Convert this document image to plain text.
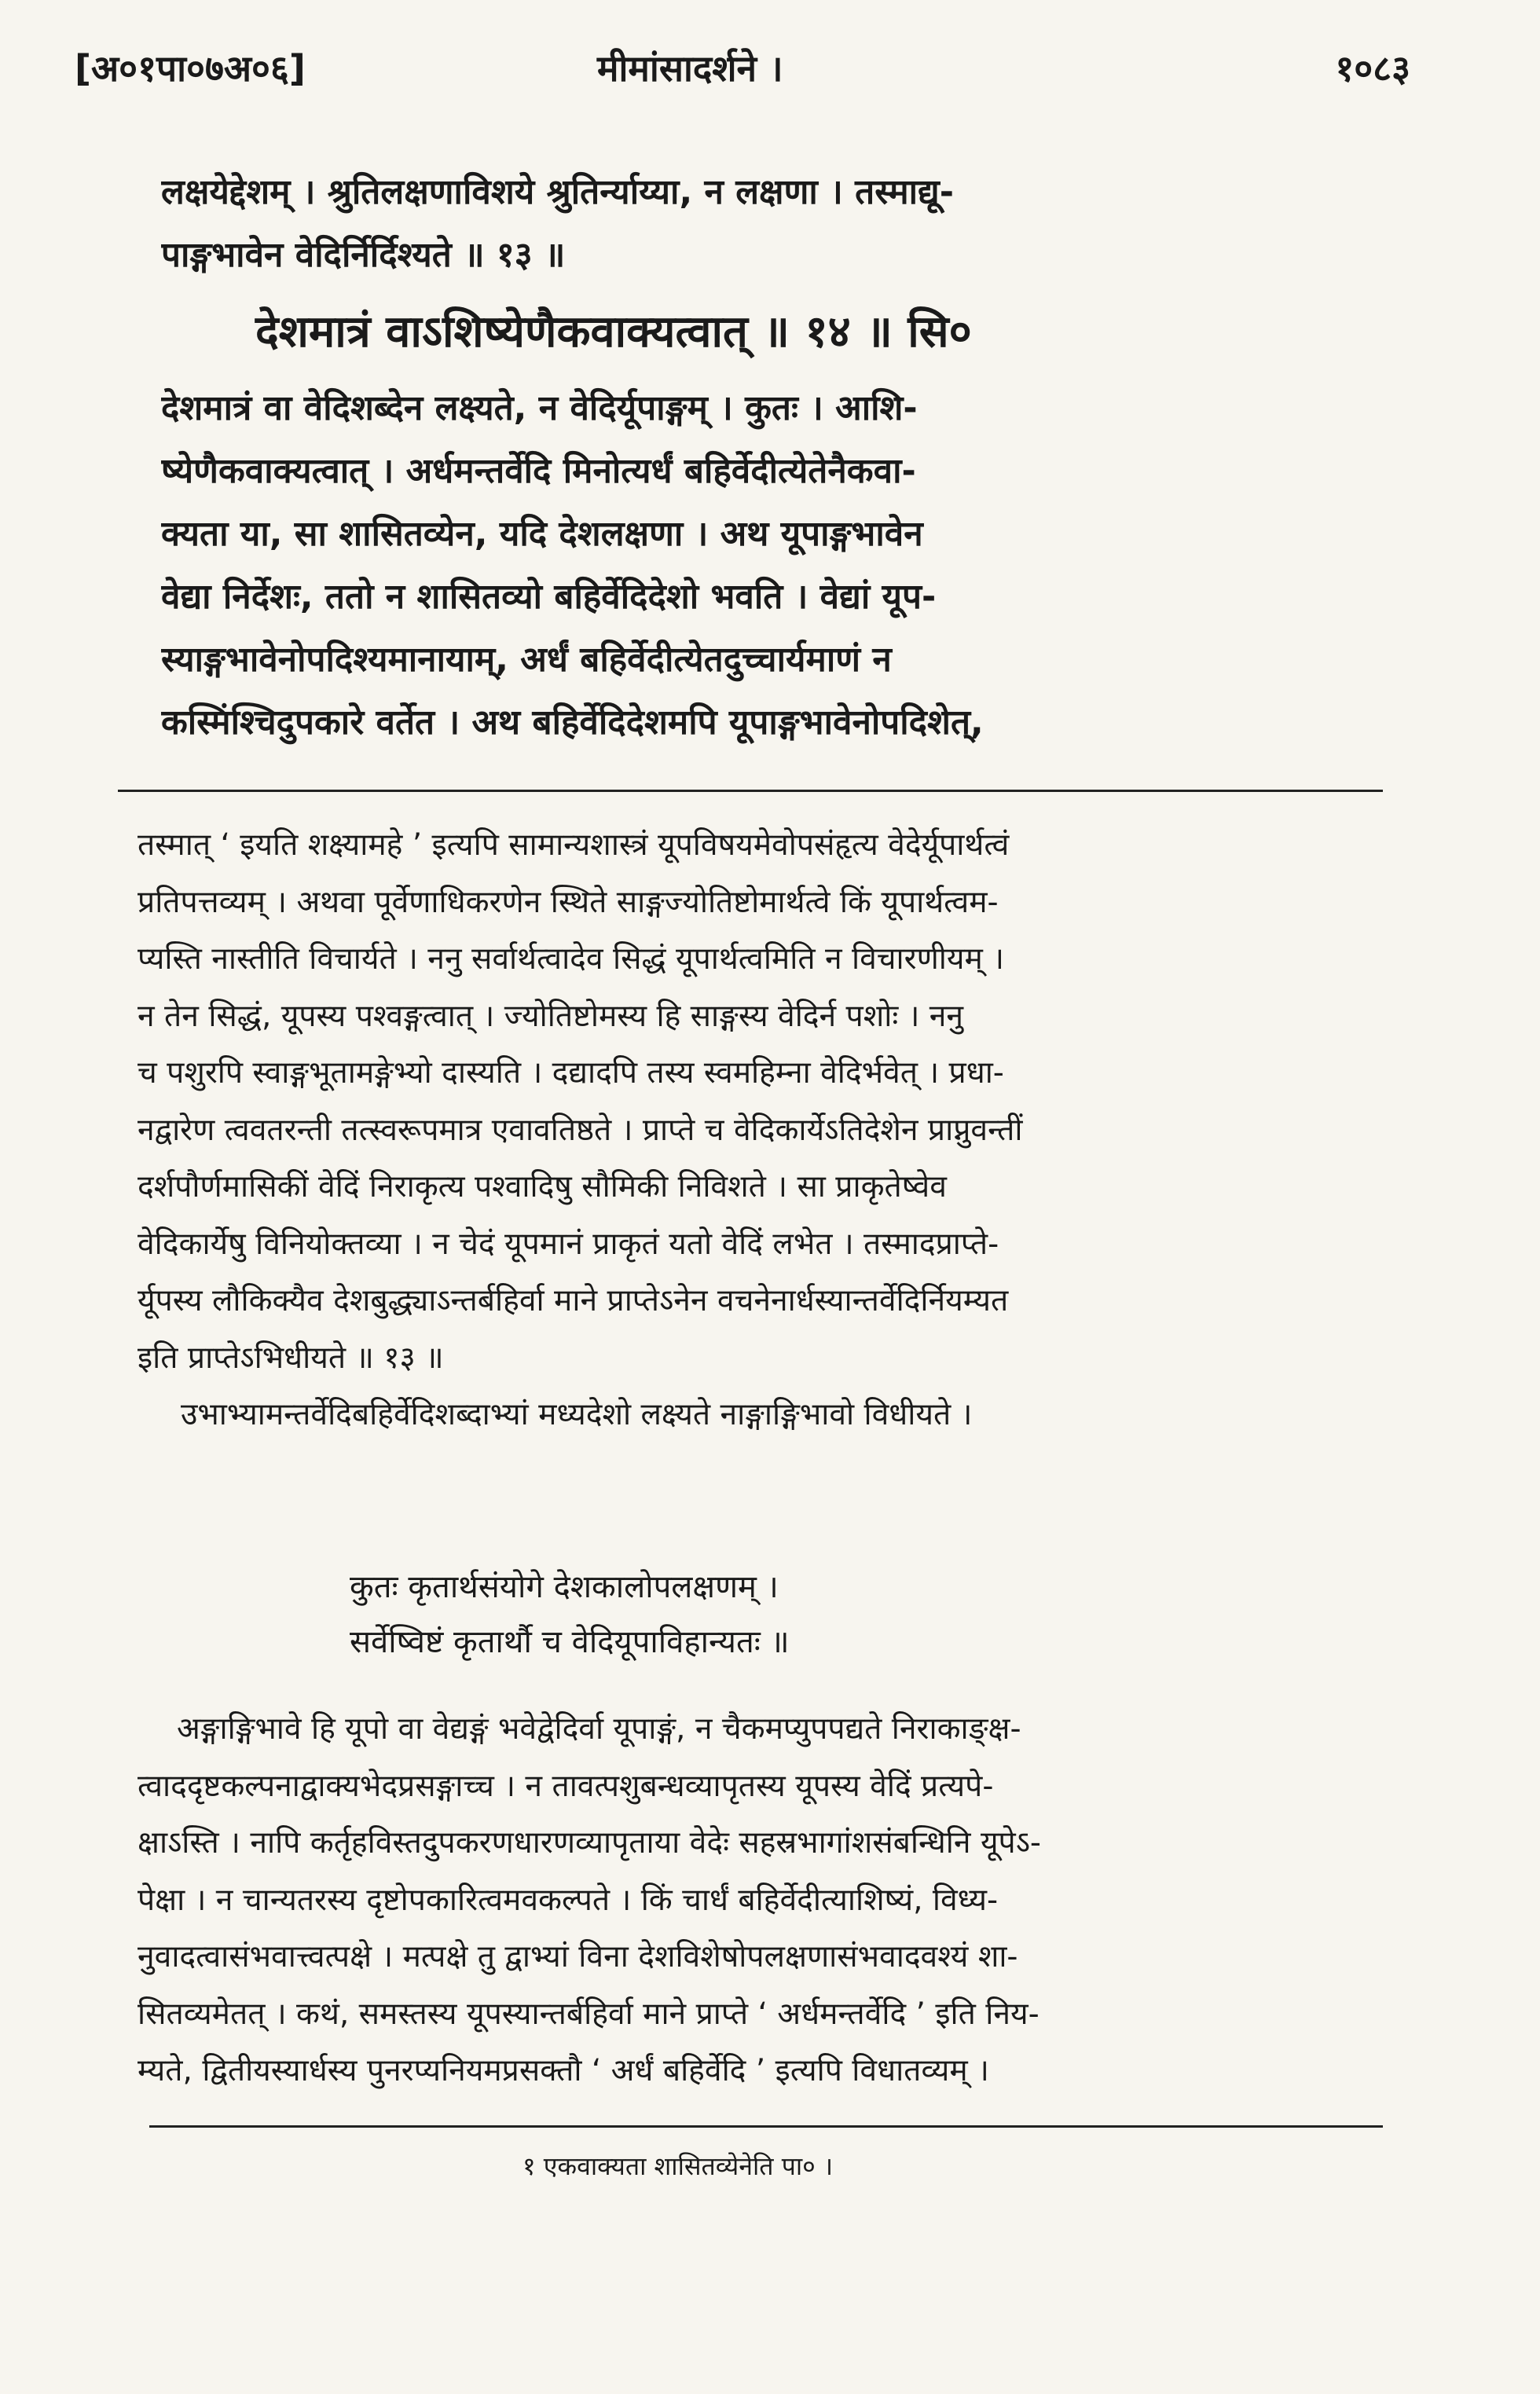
[अ०१पा०७अ०६]	मीमांसादर्शने ।	१०८३
लक्षयेद्देशम् । श्रुतिलक्षणाविशये श्रुतिर्न्याय्या, न लक्षणा । तस्माद्यू-
पाङ्गभावेन वेदिर्निर्दिश्यते ॥ १३ ॥
देशमात्रं वाऽशिष्येणैकवाक्यत्वात् ॥ १४ ॥ सि०
देशमात्रं वा वेदिशब्देन लक्ष्यते, न वेदिर्यूपाङ्गम् । कुतः । आशि-
ष्येणैकवाक्यत्वात् । अर्धमन्तर्वेदि मिनोत्यर्धं बहिर्वेदीत्येतेनैकवा-
क्यता या, सा शासितव्येन, यदि देशलक्षणा । अथ यूपाङ्गभावेन
वेद्या निर्देशः, ततो न शासितव्यो बहिर्वेदिदेशो भवति । वेद्यां यूप-
स्याङ्गभावेनोपदिश्यमानायाम्, अर्धं बहिर्वेदीत्येतदुच्चार्यमाणं न
कस्मिंश्चिदुपकारे वर्तेत । अथ बहिर्वेदिदेशमपि यूपाङ्गभावेनोपदिशेत्,
तस्मात् ‘ इयति शक्ष्यामहे ’ इत्यपि सामान्यशास्त्रं यूपविषयमेवोपसंहृत्य वेदेर्यूपार्थत्वं
प्रतिपत्तव्यम् । अथवा पूर्वेणाधिकरणेन स्थिते साङ्गज्योतिष्टोमार्थत्वे किं यूपार्थत्वम-
प्यस्ति नास्तीति विचार्यते । ननु सर्वार्थत्वादेव सिद्धं यूपार्थत्वमिति न विचारणीयम् ।
न तेन सिद्धं, यूपस्य पश्वङ्गत्वात् । ज्योतिष्टोमस्य हि साङ्गस्य वेदिर्न पशोः । ननु
च पशुरपि स्वाङ्गभूतामङ्गेभ्यो दास्यति । दद्यादपि तस्य स्वमहिम्ना वेदिर्भवेत् । प्रधा-
नद्वारेण त्ववतरन्ती तत्स्वरूपमात्र एवावतिष्ठते । प्राप्ते च वेदिकार्येऽतिदेशेन प्राप्नुवन्तीं
दर्शपौर्णमासिकीं वेदिं निराकृत्य पश्वादिषु सौमिकी निविशते । सा प्राकृतेष्वेव
वेदिकार्येषु विनियोक्तव्या । न चेदं यूपमानं प्राकृतं यतो वेदिं लभेत । तस्मादप्राप्ते-
र्यूपस्य लौकिक्यैव देशबुद्ध्याऽन्तर्बहिर्वा माने प्राप्तेऽनेन वचनेनार्धस्यान्तर्वेदिर्नियम्यत
इति प्राप्तेऽभिधीयते ॥ १३ ॥
उभाभ्यामन्तर्वेदिबहिर्वेदिशब्दाभ्यां मध्यदेशो लक्ष्यते नाङ्गाङ्गिभावो विधीयते ।
कुतः कृतार्थसंयोगे देशकालोपलक्षणम् ।
सर्वेष्विष्टं कृतार्थौ च वेदियूपाविहान्यतः ॥
अङ्गाङ्गिभावे हि यूपो वा वेद्यङ्गं भवेद्वेदिर्वा यूपाङ्गं, न चैकमप्युपपद्यते निराकाङ्क्ष-
त्वाददृष्टकल्पनाद्वाक्यभेदप्रसङ्गाच्च । न तावत्पशुबन्धव्यापृतस्य यूपस्य वेदिं प्रत्यपे-
क्षाऽस्ति । नापि कर्तृहविस्तदुपकरणधारणव्यापृताया वेदेः सहस्रभागांशसंबन्धिनि यूपेऽ-
पेक्षा । न चान्यतरस्य दृष्टोपकारित्वमवकल्पते । किं चार्धं बहिर्वेदीत्याशिष्यं, विध्य-
नुवादत्वासंभवात्त्वत्पक्षे । मत्पक्षे तु द्वाभ्यां विना देशविशेषोपलक्षणासंभवादवश्यं शा-
सितव्यमेतत् । कथं, समस्तस्य यूपस्यान्तर्बहिर्वा माने प्राप्ते ‘ अर्धमन्तर्वेदि ’ इति निय-
म्यते, द्वितीयस्यार्धस्य पुनरप्यनियमप्रसक्तौ ‘ अर्धं बहिर्वेदि ’ इत्यपि विधातव्यम् ।
१ एकवाक्यता शासितव्येनेति पा० ।
